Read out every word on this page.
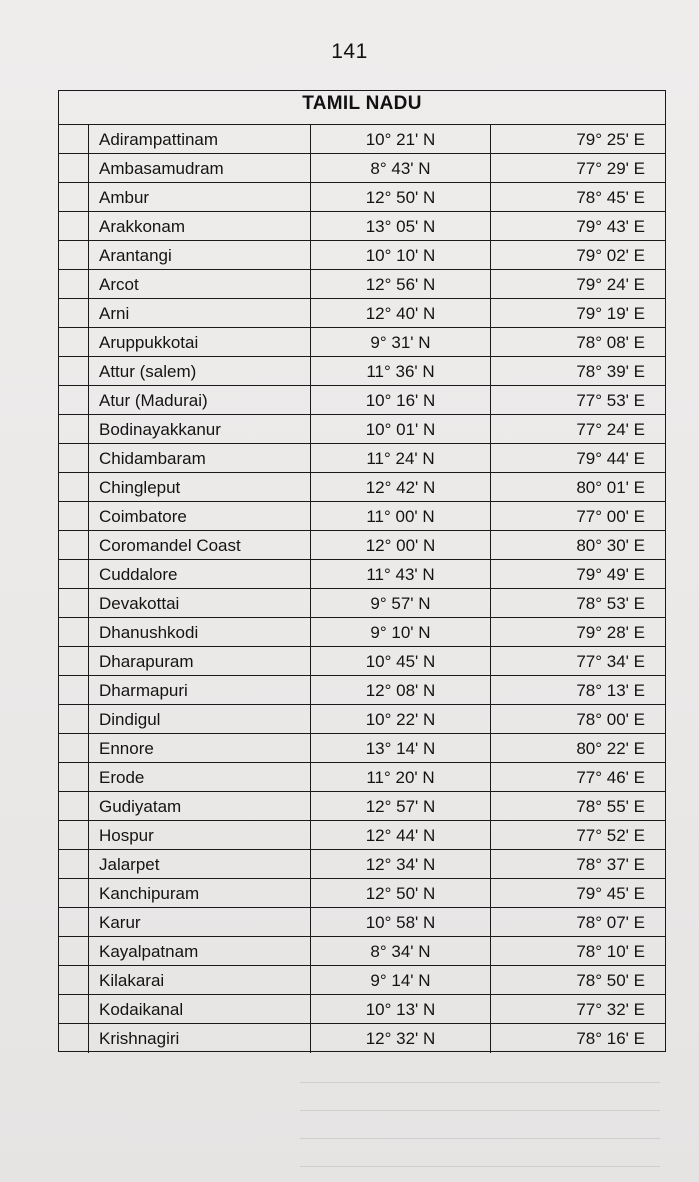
141
TAMIL NADU
Adirampattinam	10° 21' N	79° 25' E
Ambasamudram	8° 43' N	77° 29' E
Ambur	12° 50' N	78° 45' E
Arakkonam	13° 05' N	79° 43' E
Arantangi	10° 10' N	79° 02' E
Arcot	12° 56' N	79° 24' E
Arni	12° 40' N	79° 19' E
Aruppukkotai	9° 31' N	78° 08' E
Attur (salem)	11° 36' N	78° 39' E
Atur (Madurai)	10° 16' N	77° 53' E
Bodinayakkanur	10° 01' N	77° 24' E
Chidambaram	11° 24' N	79° 44' E
Chingleput	12° 42' N	80° 01' E
Coimbatore	11° 00' N	77° 00' E
Coromandel Coast	12° 00' N	80° 30' E
Cuddalore	11° 43' N	79° 49' E
Devakottai	9° 57' N	78° 53' E
Dhanushkodi	9° 10' N	79° 28' E
Dharapuram	10° 45' N	77° 34' E
Dharmapuri	12° 08' N	78° 13' E
Dindigul	10° 22' N	78° 00' E
Ennore	13° 14' N	80° 22' E
Erode	11° 20' N	77° 46' E
Gudiyatam	12° 57' N	78° 55' E
Hospur	12° 44' N	77° 52' E
Jalarpet	12° 34' N	78° 37' E
Kanchipuram	12° 50' N	79° 45' E
Karur	10° 58' N	78° 07' E
Kayalpatnam	8° 34' N	78° 10' E
Kilakarai	9° 14' N	78° 50' E
Kodaikanal	10° 13' N	77° 32' E
Krishnagiri	12° 32' N	78° 16' E
